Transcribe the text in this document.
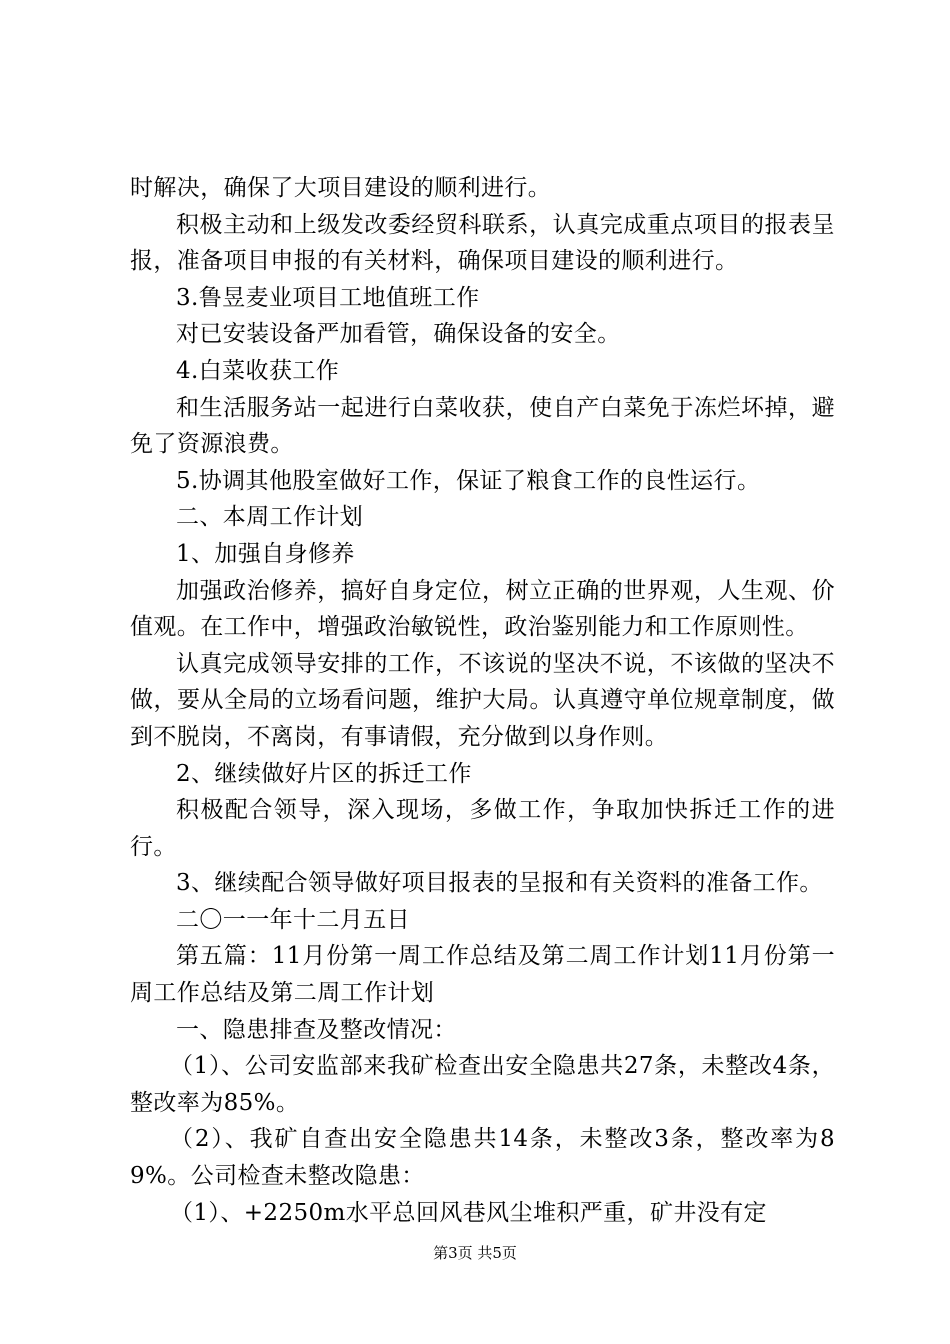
时解决，确保了大项目建设的顺利进行。

积极主动和上级发改委经贸科联系，认真完成重点项目的报表呈报，准备项目申报的有关材料，确保项目建设的顺利进行。

3.鲁昱麦业项目工地值班工作

对已安装设备严加看管，确保设备的安全。

4.白菜收获工作

和生活服务站一起进行白菜收获，使自产白菜免于冻烂坏掉，避免了资源浪费。

5.协调其他股室做好工作，保证了粮食工作的良性运行。

二、本周工作计划

1、加强自身修养

加强政治修养，搞好自身定位，树立正确的世界观，人生观、价值观。在工作中，增强政治敏锐性，政治鉴别能力和工作原则性。

认真完成领导安排的工作，不该说的坚决不说，不该做的坚决不做，要从全局的立场看问题，维护大局。认真遵守单位规章制度，做到不脱岗，不离岗，有事请假，充分做到以身作则。

2、继续做好片区的拆迁工作

积极配合领导，深入现场，多做工作，争取加快拆迁工作的进行。

3、继续配合领导做好项目报表的呈报和有关资料的准备工作。

二〇一一年十二月五日

第五篇：11月份第一周工作总结及第二周工作计划11月份第一周工作总结及第二周工作计划

一、隐患排查及整改情况：

（1）、公司安监部来我矿检查出安全隐患共27条，未整改4条，整改率为85%。

（2）、我矿自查出安全隐患共14条，未整改3条，整改率为89%。公司检查未整改隐患：

（1）、+2250m水平总回风巷风尘堆积严重，矿井没有定

第3页 共5页
